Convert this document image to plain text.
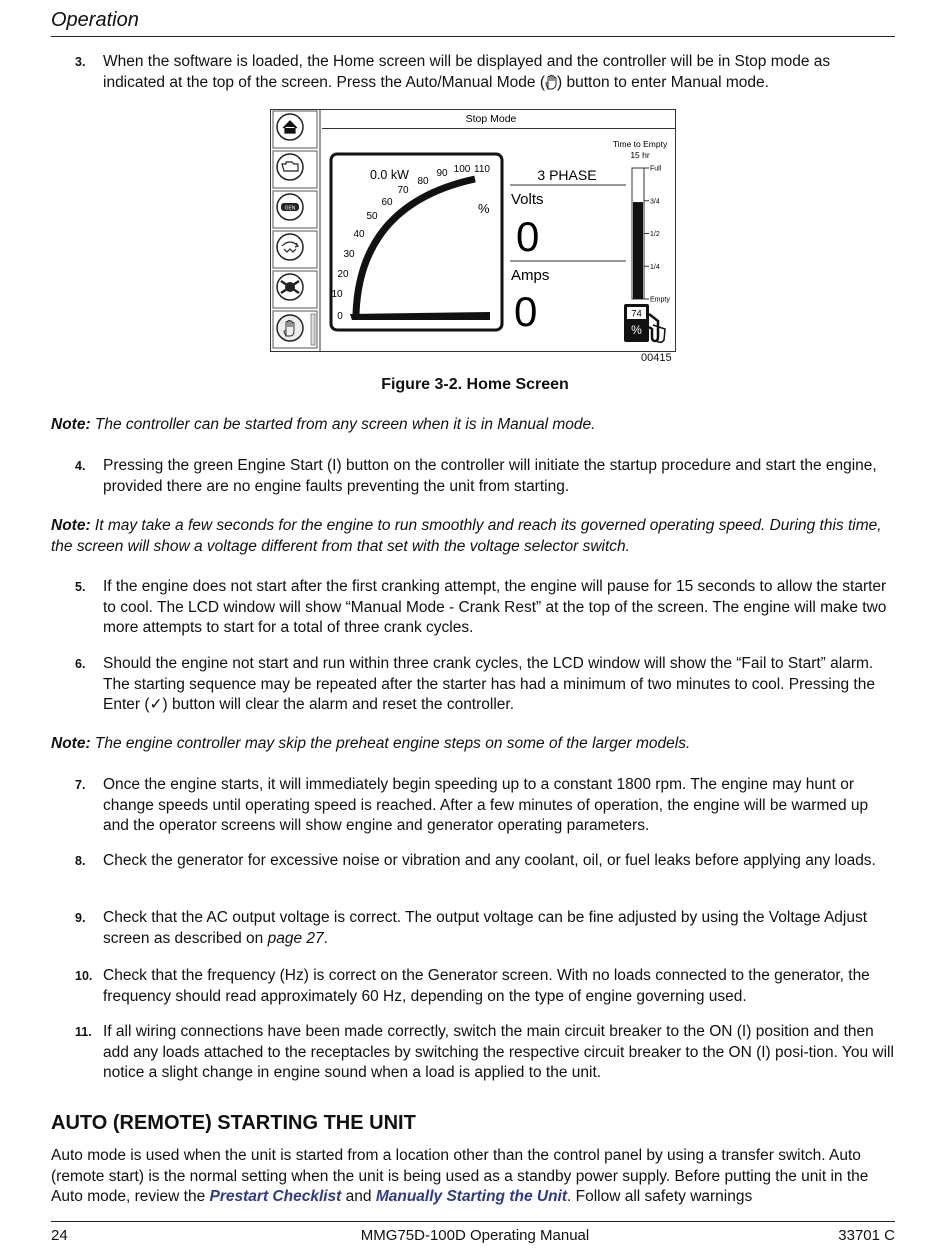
Operation
3. When the software is loaded, the Home screen will be displayed and the controller will be in Stop mode as indicated at the top of the screen. Press the Auto/Manual Mode ( ) button to enter Manual mode.
GEN
Stop Mode
0
10
20
30
40
50
60
70
80
90 100 110
0.0 kW
%
3 PHASE
Volts
0
Amps
0
Time to Empty
15 hr
Full
3/4
1/2
1/4
Empty
74
%
00415
Figure 3-2. Home Screen
Note: The controller can be started from any screen when it is in Manual mode.
4. Pressing the green Engine Start (I) button on the controller will initiate the startup procedure and start the engine, provided there are no engine faults preventing the unit from starting.
Note: It may take a few seconds for the engine to run smoothly and reach its governed operating speed. During this time, the screen will show a voltage different from that set with the voltage selector switch.
5. If the engine does not start after the first cranking attempt, the engine will pause for 15 seconds to allow the starter to cool. The LCD window will show “Manual Mode - Crank Rest” at the top of the screen. The engine will make two more attempts to start for a total of three crank cycles.
6. Should the engine not start and run within three crank cycles, the LCD window will show the “Fail to Start” alarm. The starting sequence may be repeated after the starter has had a minimum of two minutes to cool. Pressing the Enter (✓) button will clear the alarm and reset the controller.
Note: The engine controller may skip the preheat engine steps on some of the larger models.
7. Once the engine starts, it will immediately begin speeding up to a constant 1800 rpm. The engine may hunt or change speeds until operating speed is reached. After a few minutes of operation, the engine will be warmed up and the operator screens will show engine and generator operating parameters.
8. Check the generator for excessive noise or vibration and any coolant, oil, or fuel leaks before applying any loads.
9. Check that the AC output voltage is correct. The output voltage can be fine adjusted by using the Voltage Adjust screen as described on page 27.
10. Check that the frequency (Hz) is correct on the Generator screen. With no loads connected to the generator, the frequency should read approximately 60 Hz, depending on the type of engine governing used.
11. If all wiring connections have been made correctly, switch the main circuit breaker to the ON (I) position and then add any loads attached to the receptacles by switching the respective circuit breaker to the ON (I) posi-tion. You will notice a slight change in engine sound when a load is applied to the unit.
AUTO (REMOTE) STARTING THE UNIT
Auto mode is used when the unit is started from a location other than the control panel by using a transfer switch. Auto (remote start) is the normal setting when the unit is being used as a standby power supply. Before putting the unit in the Auto mode, review the Prestart Checklist and Manually Starting the Unit. Follow all safety warnings
24	MMG75D-100D Operating Manual	33701 C
